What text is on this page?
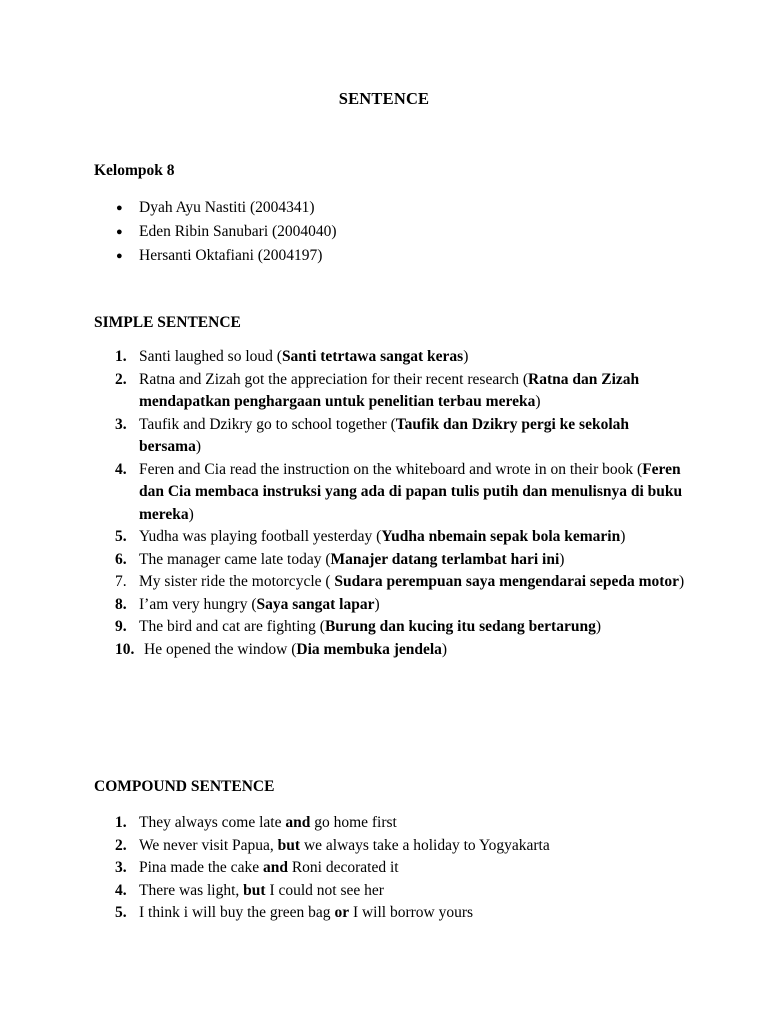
SENTENCE
Kelompok 8
● Dyah Ayu Nastiti (2004341)
● Eden Ribin Sanubari (2004040)
● Hersanti Oktafiani (2004197)
SIMPLE SENTENCE
1. Santi laughed so loud (Santi tetrtawa sangat keras)
2. Ratna and Zizah got the appreciation for their recent research (Ratna dan Zizah mendapatkan penghargaan untuk penelitian terbau mereka)
3. Taufik and Dzikry go to school together (Taufik dan Dzikry pergi ke sekolah bersama)
4. Feren and Cia read the instruction on the whiteboard and wrote in on their book (Feren dan Cia membaca instruksi yang ada di papan tulis putih dan menulisnya di buku mereka)
5. Yudha was playing football yesterday (Yudha nbemain sepak bola kemarin)
6. The manager came late today (Manajer datang terlambat hari ini)
7. My sister ride the motorcycle ( Sudara perempuan saya mengendarai sepeda motor)
8. I’am very hungry (Saya sangat lapar)
9. The bird and cat are fighting (Burung dan kucing itu sedang bertarung)
10. He opened the window (Dia membuka jendela)
COMPOUND SENTENCE
1. They always come late and go home first
2. We never visit Papua, but we always take a holiday to Yogyakarta
3. Pina made the cake and Roni decorated it
4. There was light, but I could not see her
5. I think i will buy the green bag or I will borrow yours
